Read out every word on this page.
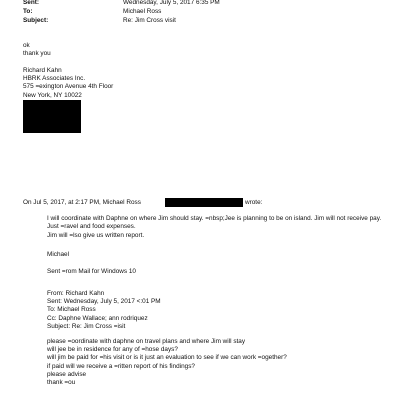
Sent:	Wednesday, July 5, 2017 6:35 PM
To:	Michael Ross
Subject:	Re: Jim Cross visit
ok
thank you
Richard Kahn
HBRK Associates Inc.
575 =exington Avenue 4th Floor
New York, NY 10022
On Jul 5, 2017, at 2:17 PM, Michael Ross	wrote:
I will coordinate with Daphne on where Jim should stay. =nbsp;Jee is planning to be on island. Jim will not receive pay. Just =ravel and food expenses.
Jim will =lso give us written report.
Michael
Sent =rom Mail for Windows 10
From: Richard Kahn
Sent: Wednesday, July 5, 2017 <:01 PM
To: Michael Ross
Cc: Daphne Wallace; ann rodriquez
Subject: Re: Jim Cross =isit
please =oordinate with daphne on travel plans and where Jim will stay
will jee be in residence for any of =hose days?
will jim be paid for =his visit or is it just an evaluation to see if we can work =ogether?
if paid will we receive a =ritten report of his findings?
please advise
thank =ou
